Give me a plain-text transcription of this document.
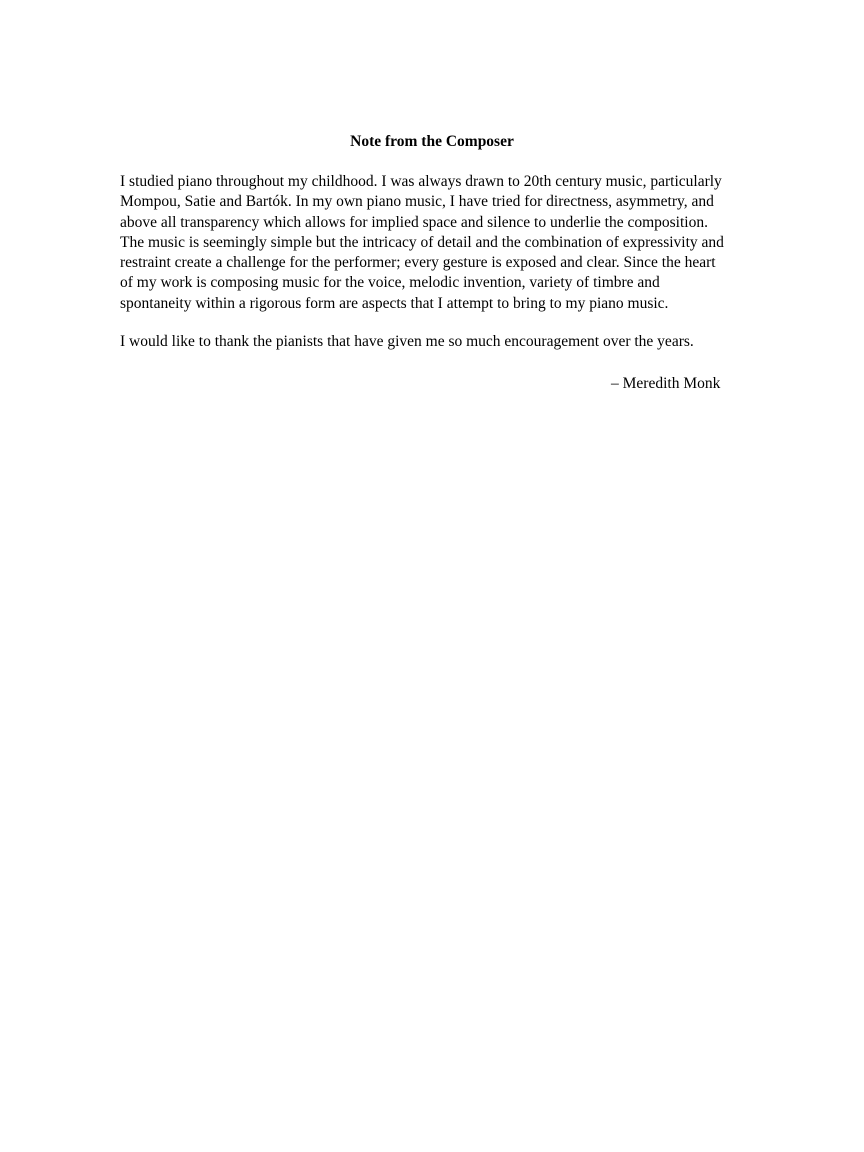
Note from the Composer
I studied piano throughout my childhood. I was always drawn to 20th century music, particularly
Mompou, Satie and Bartók. In my own piano music, I have tried for directness, asymmetry, and
above all transparency which allows for implied space and silence to underlie the composition.
The music is seemingly simple but the intricacy of detail and the combination of expressivity and
restraint create a challenge for the performer; every gesture is exposed and clear. Since the heart
of my work is composing music for the voice, melodic invention, variety of timbre and
spontaneity within a rigorous form are aspects that I attempt to bring to my piano music.

I would like to thank the pianists that have given me so much encouragement over the years.

– Meredith Monk
